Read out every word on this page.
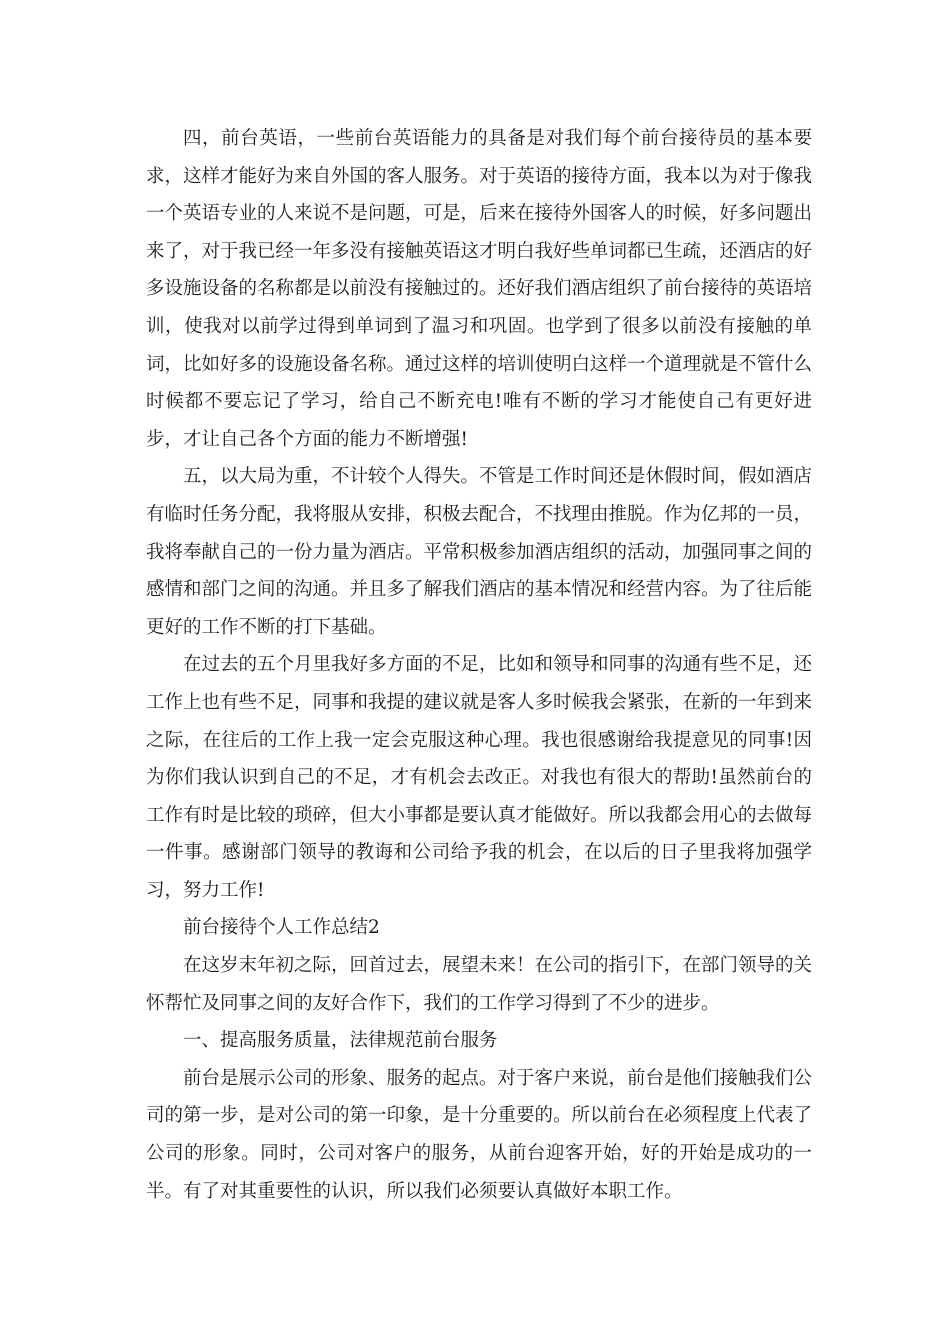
四，前台英语，一些前台英语能力的具备是对我们每个前台接待员的基本要求，这样才能好为来自外国的客人服务。对于英语的接待方面，我本以为对于像我一个英语专业的人来说不是问题，可是，后来在接待外国客人的时候，好多问题出来了，对于我已经一年多没有接触英语这才明白我好些单词都已生疏，还酒店的好多设施设备的名称都是以前没有接触过的。还好我们酒店组织了前台接待的英语培训，使我对以前学过得到单词到了温习和巩固。也学到了很多以前没有接触的单词，比如好多的设施设备名称。通过这样的培训使明白这样一个道理就是不管什么时候都不要忘记了学习，给自己不断充电!唯有不断的学习才能使自己有更好进步，才让自己各个方面的能力不断增强!

五，以大局为重，不计较个人得失。不管是工作时间还是休假时间，假如酒店有临时任务分配，我将服从安排，积极去配合，不找理由推脱。作为亿邦的一员，我将奉献自己的一份力量为酒店。平常积极参加酒店组织的活动，加强同事之间的感情和部门之间的沟通。并且多了解我们酒店的基本情况和经营内容。为了往后能更好的工作不断的打下基础。

在过去的五个月里我好多方面的不足，比如和领导和同事的沟通有些不足，还工作上也有些不足，同事和我提的建议就是客人多时候我会紧张，在新的一年到来之际，在往后的工作上我一定会克服这种心理。我也很感谢给我提意见的同事!因为你们我认识到自己的不足，才有机会去改正。对我也有很大的帮助!虽然前台的工作有时是比较的琐碎，但大小事都是要认真才能做好。所以我都会用心的去做每一件事。感谢部门领导的教诲和公司给予我的机会，在以后的日子里我将加强学习，努力工作!

前台接待个人工作总结2

在这岁末年初之际，回首过去，展望未来！在公司的指引下，在部门领导的关怀帮忙及同事之间的友好合作下，我们的工作学习得到了不少的进步。

一、提高服务质量，法律规范前台服务

前台是展示公司的形象、服务的起点。对于客户来说，前台是他们接触我们公司的第一步，是对公司的第一印象，是十分重要的。所以前台在必须程度上代表了公司的形象。同时，公司对客户的服务，从前台迎客开始，好的开始是成功的一半。有了对其重要性的认识，所以我们必须要认真做好本职工作。
